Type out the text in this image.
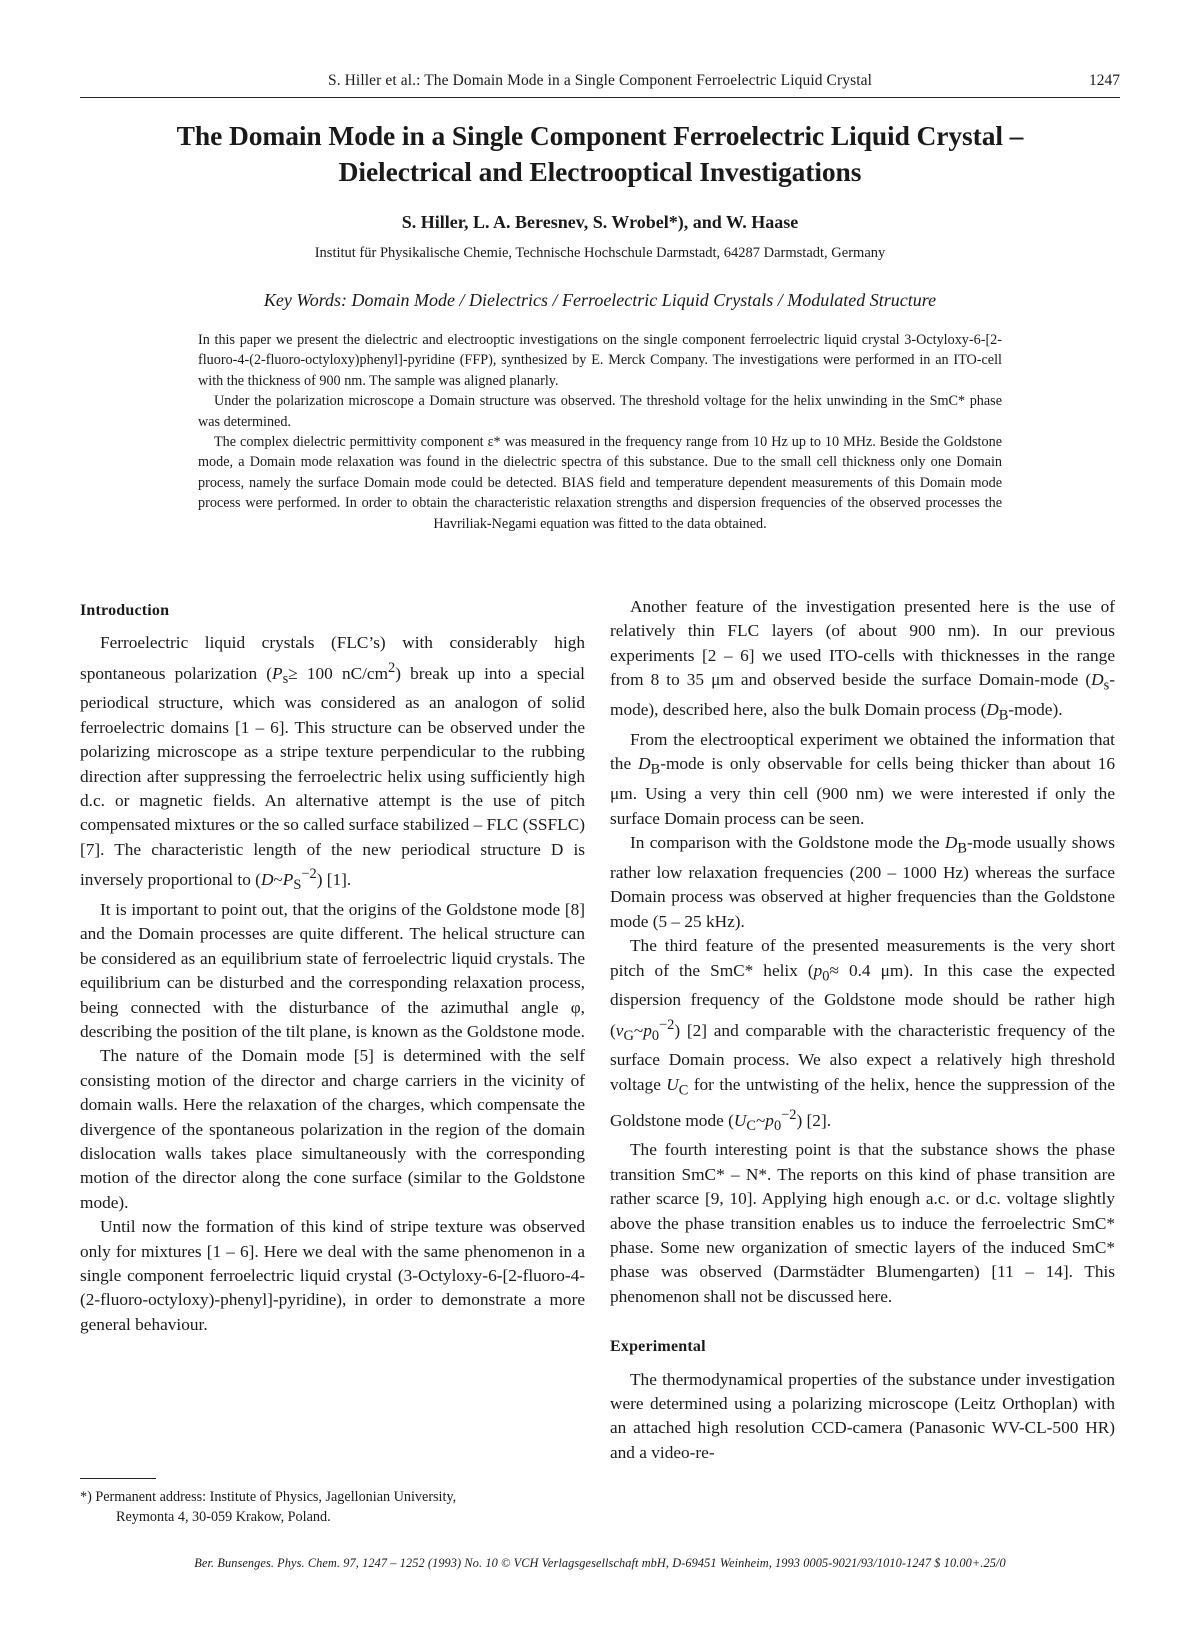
S. Hiller et al.: The Domain Mode in a Single Component Ferroelectric Liquid Crystal	1247
The Domain Mode in a Single Component Ferroelectric Liquid Crystal –
Dielectrical and Electrooptical Investigations
S. Hiller, L. A. Beresnev, S. Wrobel*), and W. Haase
Institut für Physikalische Chemie, Technische Hochschule Darmstadt, 64287 Darmstadt, Germany
Key Words: Domain Mode / Dielectrics / Ferroelectric Liquid Crystals / Modulated Structure

In this paper we present the dielectric and electrooptic investigations on the single component ferroelectric liquid crystal 3-Octyloxy-6-[2-fluoro-4-(2-fluoro-octyloxy)phenyl]-pyridine (FFP), synthesized by E. Merck Company. The investigations were performed in an ITO-cell with the thickness of 900 nm. The sample was aligned planarly.

Under the polarization microscope a Domain structure was observed. The threshold voltage for the helix unwinding in the SmC* phase was determined.

The complex dielectric permittivity component ε* was measured in the frequency range from 10 Hz up to 10 MHz. Beside the Goldstone mode, a Domain mode relaxation was found in the dielectric spectra of this substance. Due to the small cell thickness only one Domain process, namely the surface Domain mode could be detected. BIAS field and temperature dependent measurements of this Domain mode process were performed. In order to obtain the characteristic relaxation strengths and dispersion frequencies of the observed processes the Havriliak-Negami equation was fitted to the data obtained.

Introduction

Ferroelectric liquid crystals (FLC’s) with considerably high spontaneous polarization ($P_s\ge 100$ $nC/cm^2$) break up into a special periodical structure, which was considered as an analogon of solid ferroelectric domains [1 – 6]. This structure can be observed under the polarizing microscope as a stripe texture perpendicular to the rubbing direction after suppressing the ferroelectric helix using sufficiently high d.c. or magnetic fields. An alternative attempt is the use of pitch compensated mixtures or the so called surface stabilized – FLC (SSFLC) [7]. The characteristic length of the new periodical structure D is inversely proportional to $(D\sim P_S^{-2})$ [1].

It is important to point out, that the origins of the Goldstone mode [8] and the Domain processes are quite different. The helical structure can be considered as an equilibrium state of ferroelectric liquid crystals. The equilibrium can be disturbed and the corresponding relaxation process, being connected with the disturbance of the azimuthal angle φ, describing the position of the tilt plane, is known as the Goldstone mode.

The nature of the Domain mode [5] is determined with the self consisting motion of the director and charge carriers in the vicinity of domain walls. Here the relaxation of the charges, which compensate the divergence of the spontaneous polarization in the region of the domain dislocation walls takes place simultaneously with the corresponding motion of the director along the cone surface (similar to the Goldstone mode).

Until now the formation of this kind of stripe texture was observed only for mixtures [1 – 6]. Here we deal with the same phenomenon in a single component ferroelectric liquid crystal (3-Octyloxy-6-[2-fluoro-4-(2-fluoro-octyloxy)-phenyl]-pyridine), in order to demonstrate a more general behaviour.

Another feature of the investigation presented here is the use of relatively thin FLC layers (of about 900 nm). In our previous experiments [2 – 6] we used ITO-cells with thicknesses in the range from 8 to 35 μm and observed beside the surface Domain-mode $(D_s-mode)$, described here, also the bulk Domain process $(D_B-mode)$.

From the electrooptical experiment we obtained the information that the $D_B$-mode is only observable for cells being thicker than about 16 μm. Using a very thin cell (900 nm) we were interested if only the surface Domain process can be seen.

In comparison with the Goldstone mode the $D_B$-mode usually shows rather low relaxation frequencies (200 – 1000 Hz) whereas the surface Domain process was observed at higher frequencies than the Goldstone mode (5 – 25 kHz).

The third feature of the presented measurements is the very short pitch of the SmC* helix ($p_0\approx 0.4$ μm). In this case the expected dispersion frequency of the Goldstone mode should be rather high $(\nu_G\sim p_0^{-2})$ [2] and comparable with the characteristic frequency of the surface Domain process. We also expect a relatively high threshold voltage $U_C$ for the untwisting of the helix, hence the suppression of the Goldstone mode $(U_C\sim p_0^{-2})$ [2].

The fourth interesting point is that the substance shows the phase transition SmC* – N*. The reports on this kind of phase transition are rather scarce [9, 10]. Applying high enough a.c. or d.c. voltage slightly above the phase transition enables us to induce the ferroelectric SmC* phase. Some new organization of smectic layers of the induced SmC* phase was observed (Darmstädter Blumengarten) [11 – 14]. This phenomenon shall not be discussed here.

Experimental

The thermodynamical properties of the substance under investigation were determined using a polarizing microscope (Leitz Orthoplan) with an attached high resolution CCD-camera (Panasonic WV-CL-500 HR) and a video-re-

*) Permanent address: Institute of Physics, Jagellonian University,
Reymonta 4, 30-059 Krakow, Poland.
Ber. Bunsenges. Phys. Chem. 97, 1247 – 1252 (1993) No. 10 © VCH Verlagsgesellschaft mbH, D-69451 Weinheim, 1993 0005-9021/93/1010-1247 $ 10.00+.25/0
